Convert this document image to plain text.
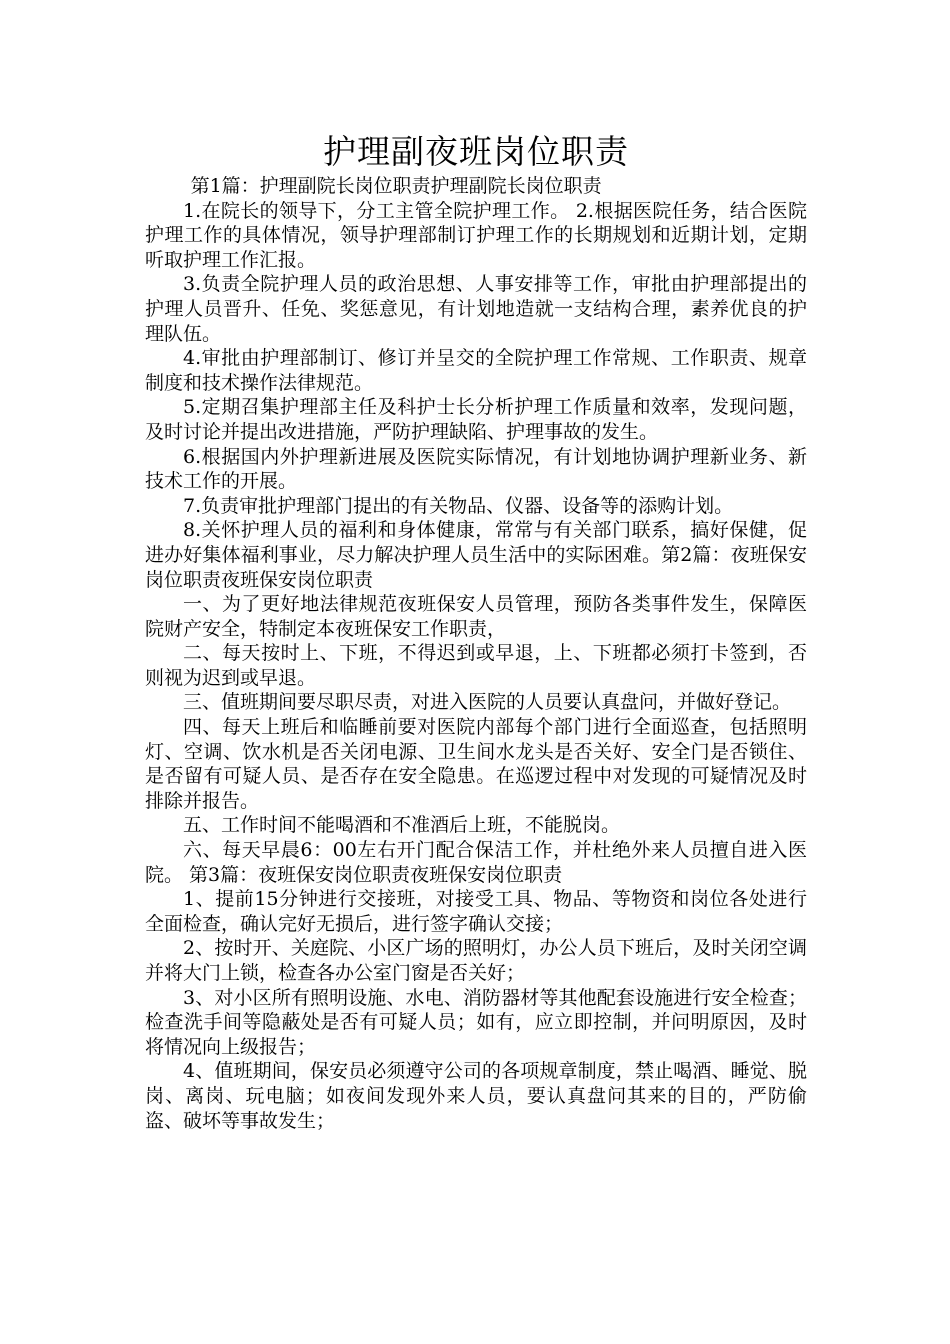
护理副夜班岗位职责

第1篇：护理副院长岗位职责护理副院长岗位职责

1.在院长的领导下，分工主管全院护理工作。 2.根据医院任务，结合医院护理工作的具体情况，领导护理部制订护理工作的长期规划和近期计划，定期听取护理工作汇报。

3.负责全院护理人员的政治思想、人事安排等工作，审批由护理部提出的护理人员晋升、任免、奖惩意见，有计划地造就一支结构合理，素养优良的护理队伍。

4.审批由护理部制订、修订并呈交的全院护理工作常规、工作职责、规章制度和技术操作法律规范。

5.定期召集护理部主任及科护士长分析护理工作质量和效率，发现问题，及时讨论并提出改进措施，严防护理缺陷、护理事故的发生。

6.根据国内外护理新进展及医院实际情况，有计划地协调护理新业务、新技术工作的开展。

7.负责审批护理部门提出的有关物品、仪器、设备等的添购计划。

8.关怀护理人员的福利和身体健康，常常与有关部门联系，搞好保健，促进办好集体福利事业，尽力解决护理人员生活中的实际困难。第2篇：夜班保安岗位职责夜班保安岗位职责

一、为了更好地法律规范夜班保安人员管理，预防各类事件发生，保障医院财产安全，特制定本夜班保安工作职责，

二、每天按时上、下班，不得迟到或早退，上、下班都必须打卡签到，否则视为迟到或早退。

三、值班期间要尽职尽责，对进入医院的人员要认真盘问，并做好登记。

四、每天上班后和临睡前要对医院内部每个部门进行全面巡查，包括照明灯、空调、饮水机是否关闭电源、卫生间水龙头是否关好、安全门是否锁住、是否留有可疑人员、是否存在安全隐患。在巡逻过程中对发现的可疑情况及时排除并报告。

五、工作时间不能喝酒和不准酒后上班，不能脱岗。

六、每天早晨6：00左右开门配合保洁工作，并杜绝外来人员擅自进入医院。 第3篇：夜班保安岗位职责夜班保安岗位职责

1、提前15分钟进行交接班，对接受工具、物品、等物资和岗位各处进行全面检查，确认完好无损后，进行签字确认交接；

2、按时开、关庭院、小区广场的照明灯，办公人员下班后，及时关闭空调并将大门上锁，检查各办公室门窗是否关好；

3、对小区所有照明设施、水电、消防器材等其他配套设施进行安全检查；检查洗手间等隐蔽处是否有可疑人员；如有，应立即控制，并问明原因，及时将情况向上级报告；

4、值班期间，保安员必须遵守公司的各项规章制度，禁止喝酒、睡觉、脱岗、离岗、玩电脑；如夜间发现外来人员，要认真盘问其来的目的，严防偷盗、破坏等事故发生；
